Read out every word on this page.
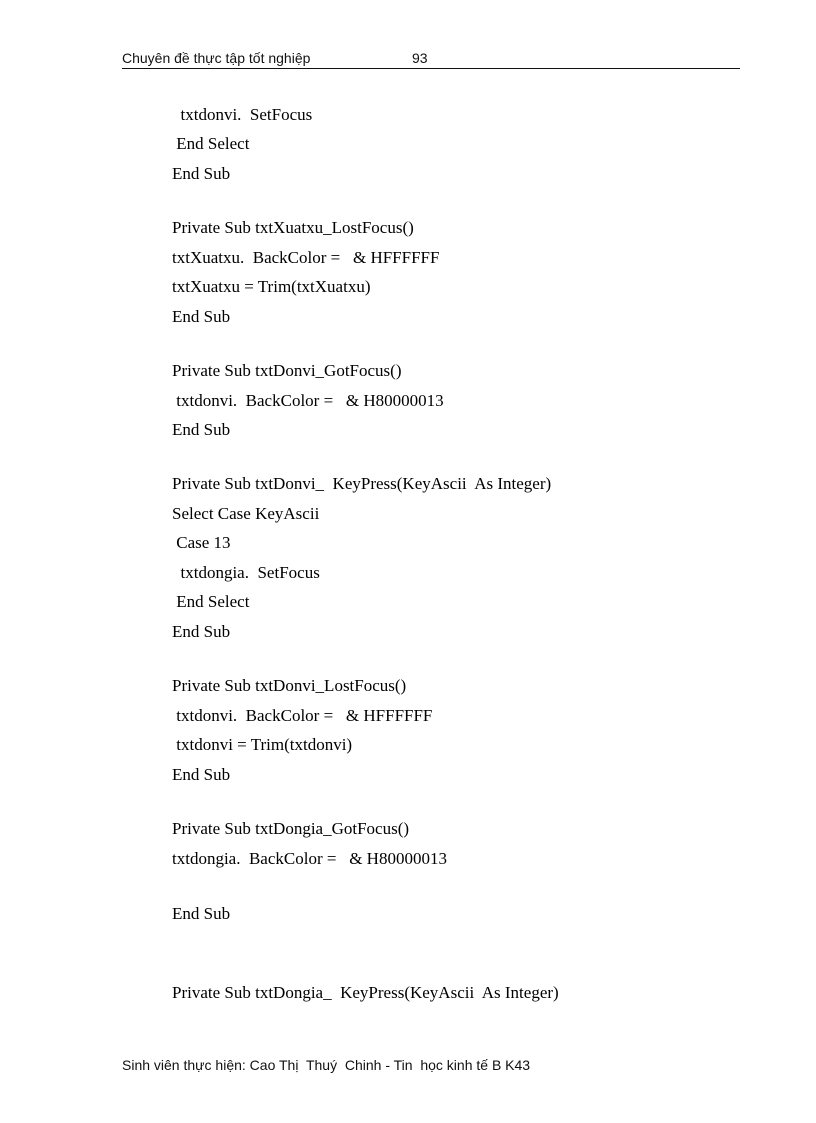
Chuyên đề thực tập tốt nghiệp	93
txtdonvi.  SetFocus
End Select
End Sub
Private Sub txtXuatxu_LostFocus()
txtXuatxu.  BackColor =   & HFFFFFF
txtXuatxu = Trim(txtXuatxu)
End Sub
Private Sub txtDonvi_GotFocus()
txtdonvi.  BackColor =   & H80000013
End Sub
Private Sub txtDonvi_  KeyPress(KeyAscii  As Integer)
Select Case KeyAscii
Case 13
txtdongia.  SetFocus
End Select
End Sub
Private Sub txtDonvi_LostFocus()
txtdonvi.  BackColor =   & HFFFFFF
txtdonvi = Trim(txtdonvi)
End Sub
Private Sub txtDongia_GotFocus()
txtdongia.  BackColor =   & H80000013
End Sub
Private Sub txtDongia_  KeyPress(KeyAscii  As Integer)
Sinh viên thực hiện: Cao Thị  Thuý  Chinh - Tin  học kinh tế B K43
